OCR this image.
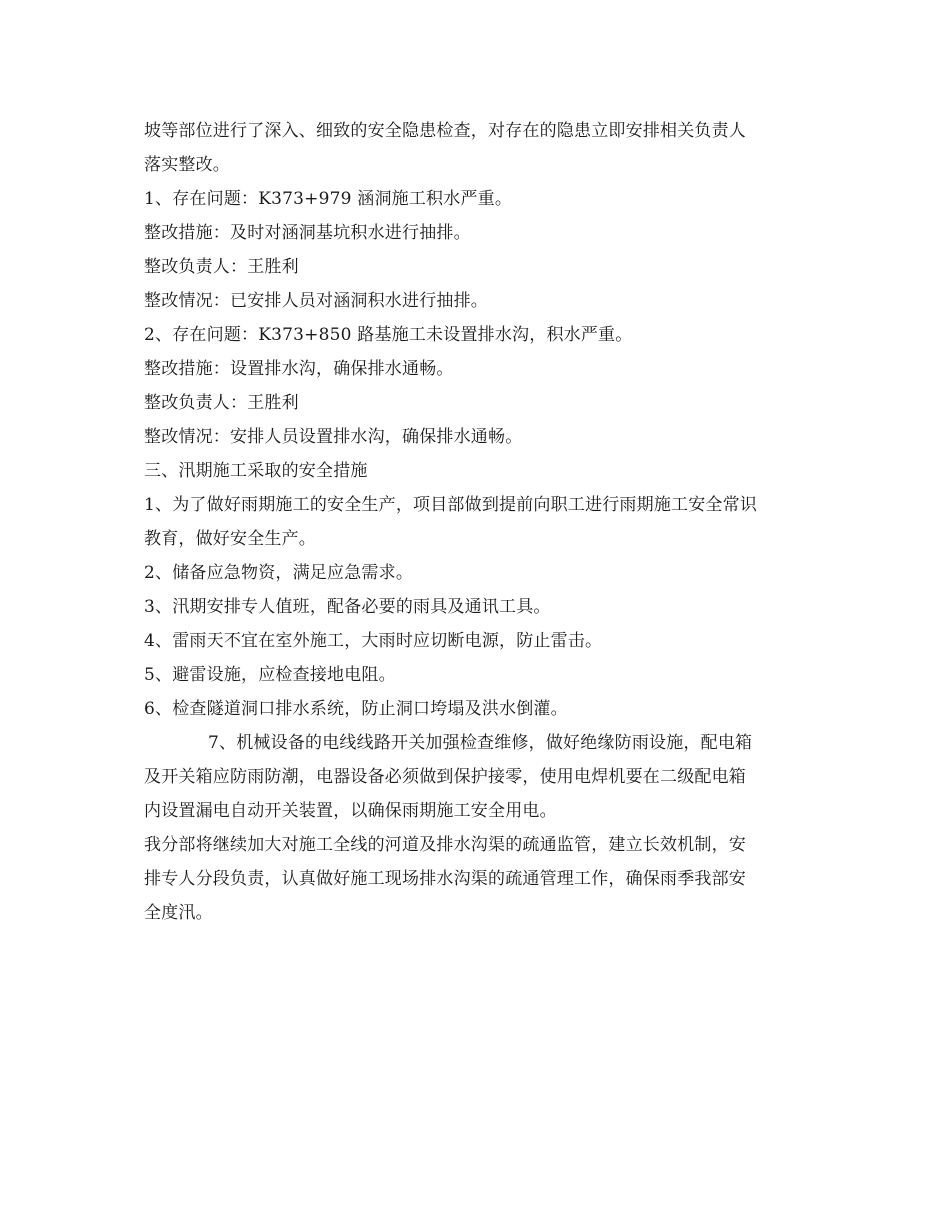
坡等部位进行了深入、细致的安全隐患检查，对存在的隐患立即安排相关负责人
落实整改。
1、存在问题：K373+979 涵洞施工积水严重。
整改措施：及时对涵洞基坑积水进行抽排。
整改负责人：王胜利
整改情况：已安排人员对涵洞积水进行抽排。
2、存在问题：K373+850 路基施工未设置排水沟，积水严重。
整改措施：设置排水沟，确保排水通畅。
整改负责人：王胜利
整改情况：安排人员设置排水沟，确保排水通畅。
三、汛期施工采取的安全措施
1、为了做好雨期施工的安全生产，项目部做到提前向职工进行雨期施工安全常识
教育，做好安全生产。
2、储备应急物资，满足应急需求。
3、汛期安排专人值班，配备必要的雨具及通讯工具。
4、雷雨天不宜在室外施工，大雨时应切断电源，防止雷击。
5、避雷设施，应检查接地电阻。
6、检查隧道洞口排水系统，防止洞口垮塌及洪水倒灌。
7、机械设备的电线线路开关加强检查维修，做好绝缘防雨设施，配电箱
及开关箱应防雨防潮，电器设备必须做到保护接零，使用电焊机要在二级配电箱
内设置漏电自动开关装置，以确保雨期施工安全用电。
我分部将继续加大对施工全线的河道及排水沟渠的疏通监管，建立长效机制，安
排专人分段负责，认真做好施工现场排水沟渠的疏通管理工作，确保雨季我部安
全度汛。
